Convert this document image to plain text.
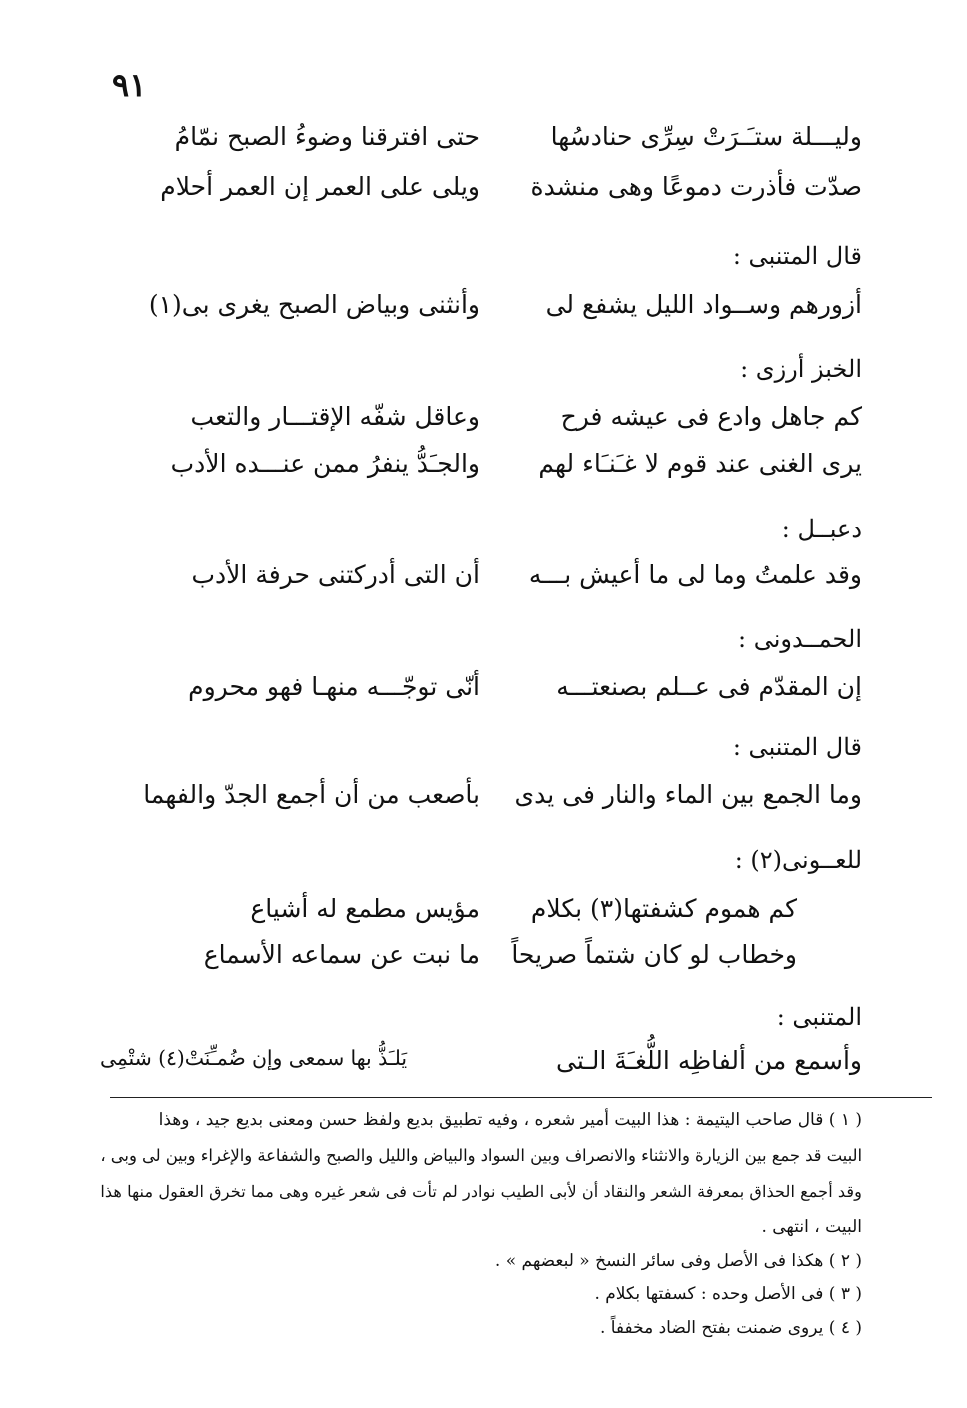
٩١
وليـــلة ستـَـرَتْ سِرِّى حنادسُها
حتى افترقنا وضوءُ الصبح نمّامُ
صدّت فأذرت دموعًا وهى منشدة
ويلى على العمر إن العمر أحلام
قال المتنبى :
أزورهم وســواد الليل يشفع لى
وأنثنى وبياض الصبح يغرى بى(١)
الخبز أرزى :
كم جاهل وادع فى عيشه فرح
وعاقل شفّه الإقتـــار والتعب
يرى الغنى عند قوم لا غـَنـَاء لهم
والجـَدُّ ينفرُ ممن عنـــده الأدب
دعبــل :
وقد علمتُ وما لى ما أعيش بـــه
أن التى أدركتنى حرفة الأدب
الحمــدونى :
إن المقدّم فى عــلم بصنعتـــه
أنّى توجّـــه منهـا فهو محروم
قال المتنبى :
وما الجمع بين الماء والنار فى يدى
بأصعب من أن أجمع الجدّ والفهما
للعــونى(٢) :
كم هموم كشفتها(٣) بكلام
مؤيس مطمع له أشياع
وخطاب لو كان شتماً صريحاً
ما نبت عن سماعه الأسماع
المتنبى :
وأسمع من ألفاظِه اللُّغـَةَ الـتى
يَلـَذُّ بها سمعى وإن ضُمـِّنَتْ(٤) شتْمِى
( ١ ) قال صاحب اليتيمة : هذا البيت أمير شعره ، وفيه تطبيق بديع ولفظ حسن ومعنى بديع جيد ، وهذا
البيت قد جمع بين الزيارة والانثناء والانصراف وبين السواد والبياض والليل والصبح والشفاعة والإغراء وبين لى وبى ،
وقد أجمع الحذاق بمعرفة الشعر والنقاد أن لأبى الطيب نوادر لم تأت فى شعر غيره وهى مما تخرق العقول منها هذا
البيت ، انتهى .
( ٢ ) هكذا فى الأصل وفى سائر النسخ « لبعضهم » .
( ٣ ) فى الأصل وحده : كسفتها بكلام .
( ٤ ) يروى ضمنت بفتح الضاد مخففاً .
